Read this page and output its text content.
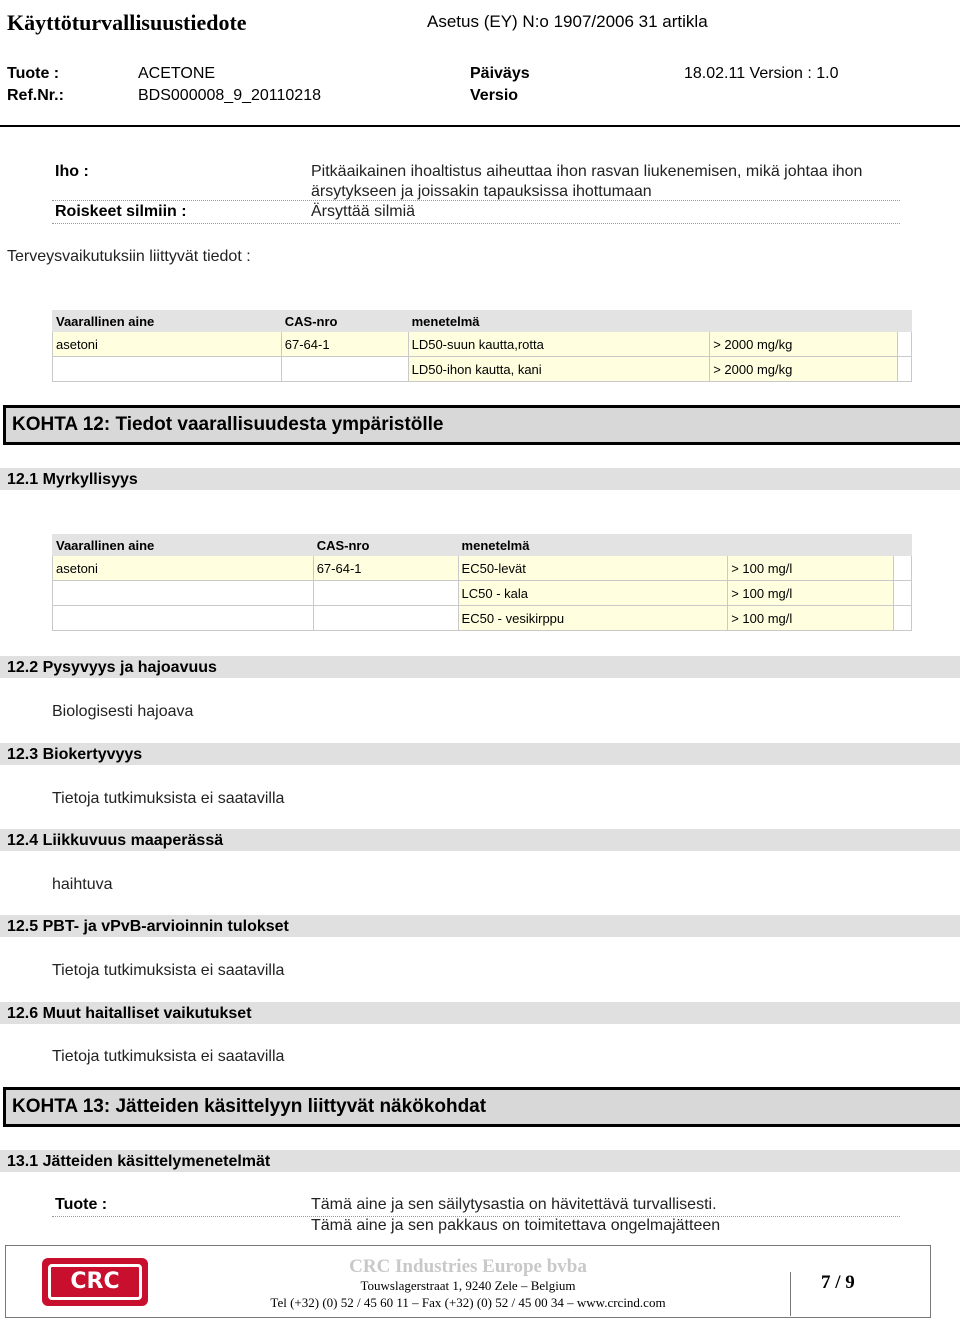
Käyttöturvallisuustiedote	Asetus (EY) N:o 1907/2006 31 artikla
Tuote :	ACETONE	Päiväys	18.02.11 Version : 1.0
Ref.Nr.:	BDS000008_9_20110218	Versio
Iho :	Pitkäaikainen ihoaltistus aiheuttaa ihon rasvan liukenemisen, mikä johtaa ihon
ärsytykseen ja joissakin tapauksissa ihottumaan
Roiskeet silmiin :	Ärsyttää silmiä
Terveysvaikutuksiin liittyvät tiedot :
Vaarallinen aine	CAS-nro	menetelmä		
asetoni	67-64-1	LD50-suun kautta,rotta	> 2000 mg/kg	
		LD50-ihon kautta, kani	> 2000 mg/kg	
KOHTA 12: Tiedot vaarallisuudesta ympäristölle
12.1 Myrkyllisyys
Vaarallinen aine	CAS-nro	menetelmä		
asetoni	67-64-1	EC50-levät	> 100 mg/l	
		LC50 - kala	> 100 mg/l	
		EC50 - vesikirppu	> 100 mg/l	
12.2 Pysyvyys ja hajoavuus
Biologisesti hajoava
12.3 Biokertyvyys
Tietoja tutkimuksista ei saatavilla
12.4 Liikkuvuus maaperässä
haihtuva
12.5 PBT- ja vPvB-arvioinnin tulokset
Tietoja tutkimuksista ei saatavilla
12.6 Muut haitalliset vaikutukset
Tietoja tutkimuksista ei saatavilla
KOHTA 13: Jätteiden käsittelyyn liittyvät näkökohdat
13.1 Jätteiden käsittelymenetelmät
Tuote :	Tämä aine ja sen säilytysastia on hävitettävä turvallisesti.
Tämä aine ja sen pakkaus on toimitettava ongelmajätteen
CRC
CRC Industries Europe bvba
Touwslagerstraat 1, 9240 Zele – Belgium
Tel (+32) (0) 52 / 45 60 11 – Fax (+32) (0) 52 / 45 00 34 – www.crcind.com
7 / 9
